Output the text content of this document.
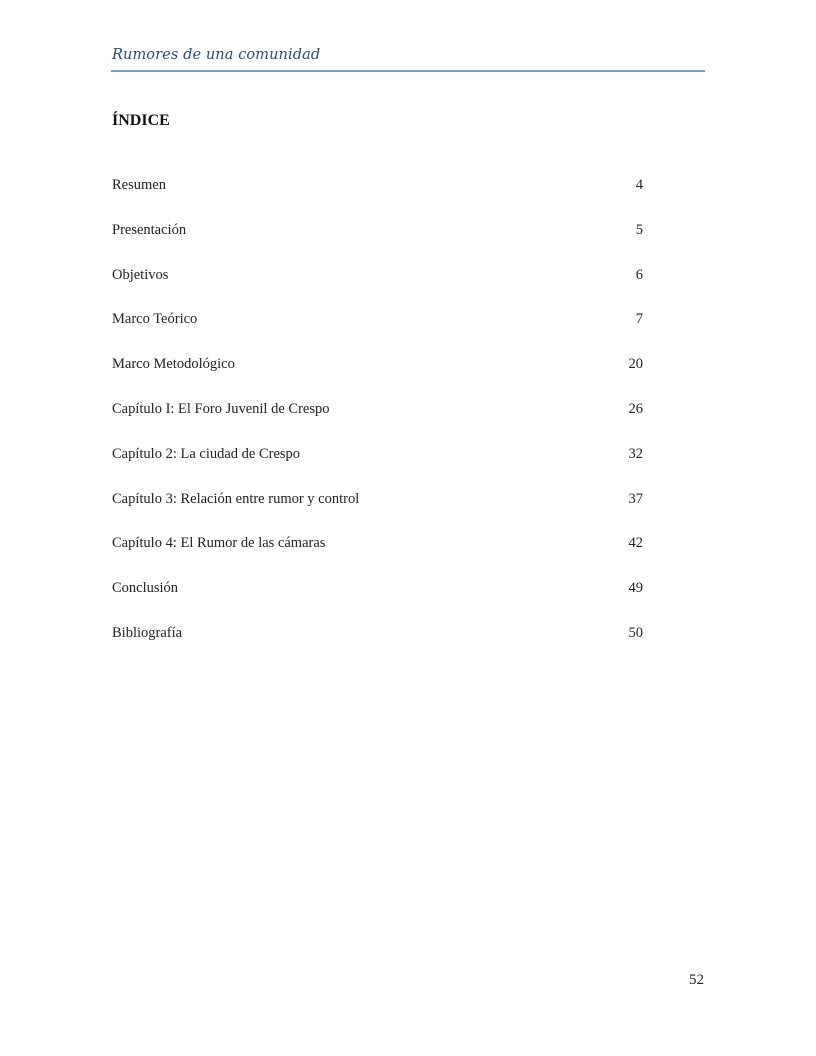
Rumores de una comunidad
ÍNDICE
Resumen	4
Presentación	5
Objetivos	6
Marco Teórico	7
Marco Metodológico	20
Capítulo I: El Foro Juvenil de Crespo	26
Capítulo 2: La ciudad de Crespo	32
Capítulo 3: Relación entre rumor y control	37
Capítulo 4: El Rumor de las cámaras	42
Conclusión	49
Bibliografía	50
52
